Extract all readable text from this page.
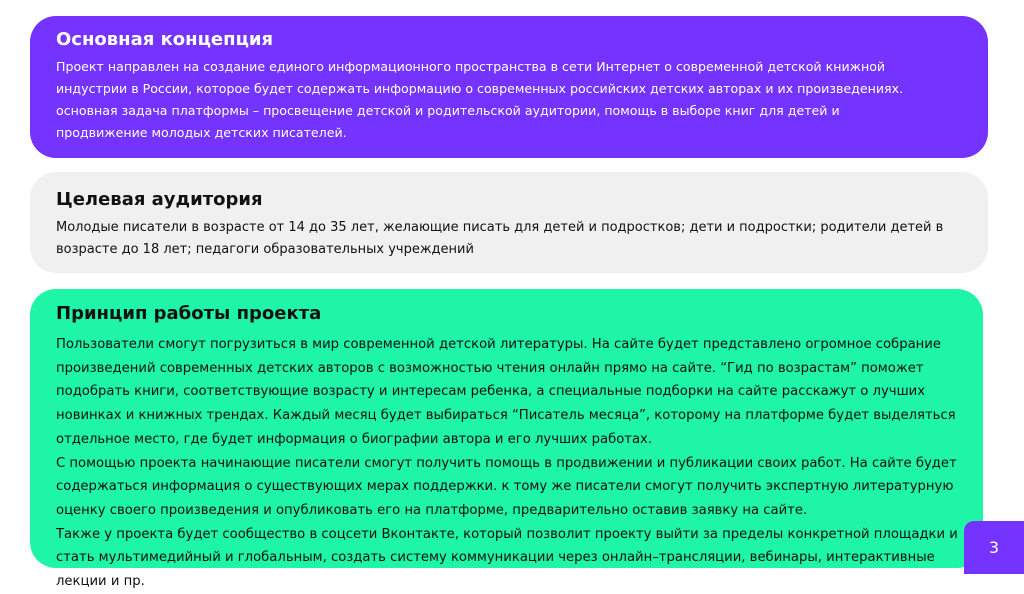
Основная концепция

Проект направлен на создание единого информационного пространства в сети Интернет о современной детской книжной индустрии в России, которое будет содержать информацию о современных российских детских авторах и их произведениях. основная задача платформы – просвещение детской и родительской аудитории, помощь в выборе книг для детей и продвижение молодых детских писателей.

Целевая аудитория

Молодые писатели в возрасте от 14 до 35 лет, желающие писать для детей и подростков; дети и подростки; родители детей в возрасте до 18 лет; педагоги образовательных учреждений

Принцип работы проекта

Пользователи смогут погрузиться в мир современной детской литературы. На сайте будет представлено огромное собрание произведений современных детских авторов с возможностью чтения онлайн прямо на сайте. “Гид по возрастам” поможет подобрать книги, соответствующие возрасту и интересам ребенка, а специальные подборки на сайте расскажут о лучших новинках и книжных трендах. Каждый месяц будет выбираться “Писатель месяца”, которому на платформе будет выделяться отдельное место, где будет информация о биографии автора и его лучших работах.
С помощью проекта начинающие писатели смогут получить помощь в продвижении и публикации своих работ. На сайте будет содержаться информация о существующих мерах поддержки. к тому же писатели смогут получить экспертную литературную оценку своего произведения и опубликовать его на платформе, предварительно оставив заявку на сайте.
Также у проекта будет сообщество в соцсети Вконтакте, который позволит проекту выйти за пределы конкретной площадки и стать мультимедийный и глобальным, создать систему коммуникации через онлайн–трансляции, вебинары, интерактивные лекции и пр.

3
